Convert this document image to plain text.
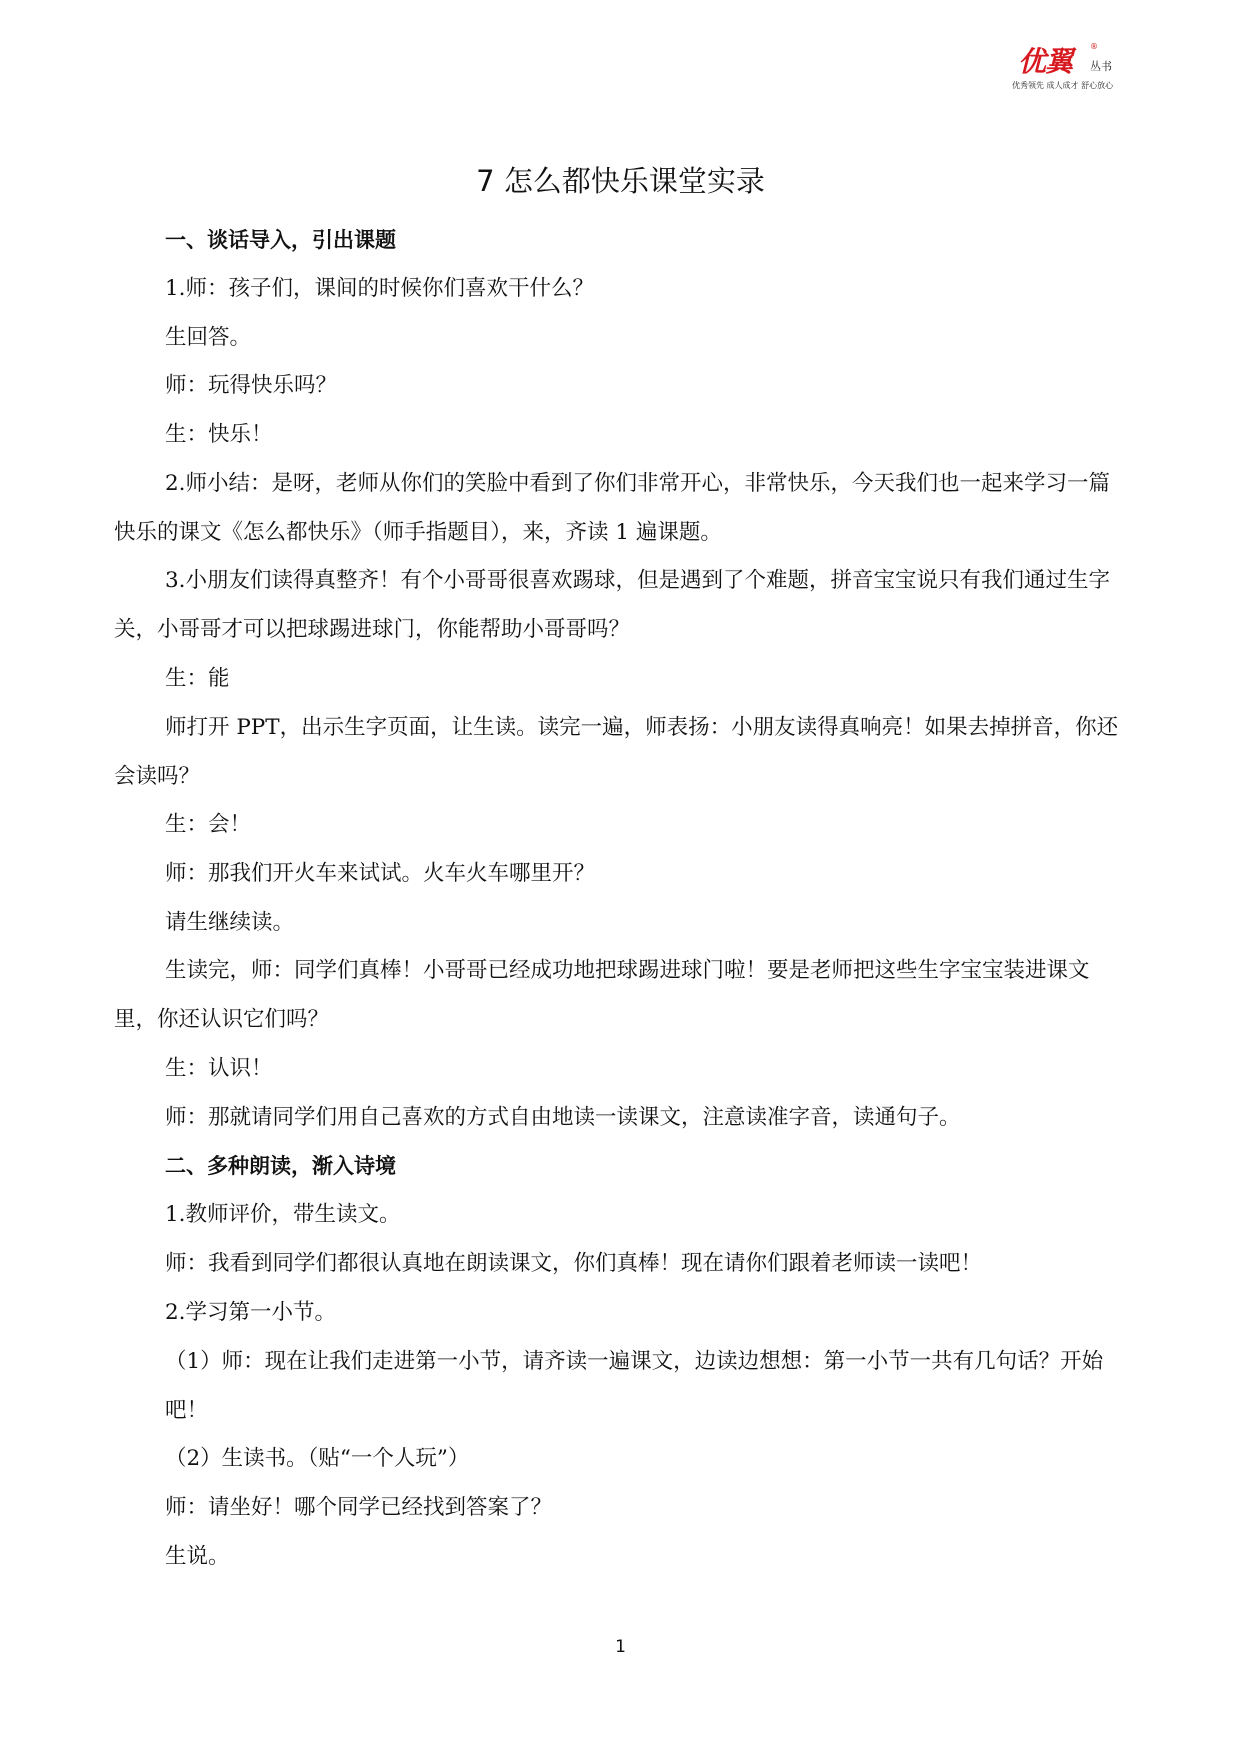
优翼 ®
丛书
优秀领先 成人成才 舒心放心
7 怎么都快乐课堂实录

一、谈话导入，引出课题

1.师：孩子们，课间的时候你们喜欢干什么？

生回答。

师：玩得快乐吗？

生：快乐！

2.师小结：是呀，老师从你们的笑脸中看到了你们非常开心，非常快乐，今天我们也一起来学习一篇快乐的课文《怎么都快乐》（师手指题目），来，齐读 1 遍课题。

3.小朋友们读得真整齐！有个小哥哥很喜欢踢球，但是遇到了个难题，拼音宝宝说只有我们通过生字关，小哥哥才可以把球踢进球门，你能帮助小哥哥吗？

生：能

师打开 PPT，出示生字页面，让生读。读完一遍，师表扬：小朋友读得真响亮！如果去掉拼音，你还会读吗？

生：会！

师：那我们开火车来试试。火车火车哪里开？

请生继续读。

生读完，师：同学们真棒！小哥哥已经成功地把球踢进球门啦！要是老师把这些生字宝宝装进课文里，你还认识它们吗？

生：认识！

师：那就请同学们用自己喜欢的方式自由地读一读课文，注意读准字音，读通句子。

二、多种朗读，渐入诗境

1.教师评价，带生读文。

师：我看到同学们都很认真地在朗读课文，你们真棒！现在请你们跟着老师读一读吧！

2.学习第一小节。

（1）师：现在让我们走进第一小节，请齐读一遍课文，边读边想想：第一小节一共有几句话？开始吧！

（2）生读书。（贴“一个人玩”）

师：请坐好！哪个同学已经找到答案了？

生说。

1
